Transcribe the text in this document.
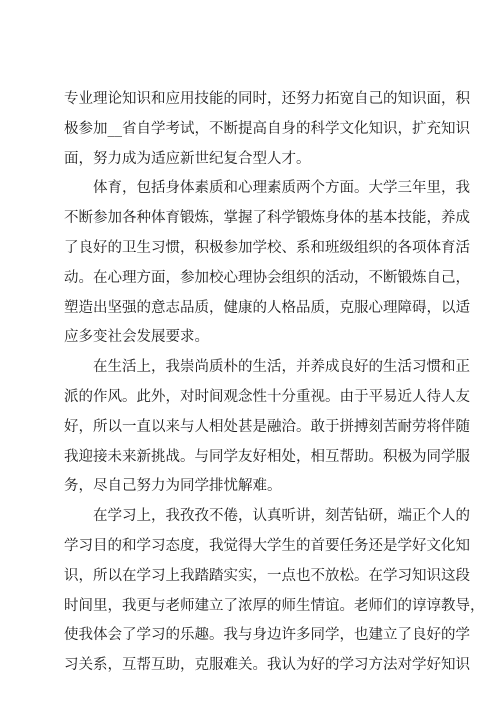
专业理论知识和应用技能的同时，还努力拓宽自己的知识面，积
极参加__省自学考试，不断提高自身的科学文化知识，扩充知识
面，努力成为适应新世纪复合型人才。
体育，包括身体素质和心理素质两个方面。大学三年里，我
不断参加各种体育锻炼，掌握了科学锻炼身体的基本技能，养成
了良好的卫生习惯，积极参加学校、系和班级组织的各项体育活
动。在心理方面，参加校心理协会组织的活动，不断锻炼自己，
塑造出坚强的意志品质，健康的人格品质，克服心理障碍，以适
应多变社会发展要求。
在生活上，我崇尚质朴的生活，并养成良好的生活习惯和正
派的作风。此外，对时间观念性十分重视。由于平易近人待人友
好，所以一直以来与人相处甚是融洽。敢于拼搏刻苦耐劳将伴随
我迎接未来新挑战。与同学友好相处，相互帮助。积极为同学服
务，尽自己努力为同学排忧解难。
在学习上，我孜孜不倦，认真听讲，刻苦钻研，端正个人的
学习目的和学习态度，我觉得大学生的首要任务还是学好文化知
识，所以在学习上我踏踏实实，一点也不放松。在学习知识这段
时间里，我更与老师建立了浓厚的师生情谊。老师们的谆谆教导，
使我体会了学习的乐趣。我与身边许多同学，也建立了良好的学
习关系，互帮互助，克服难关。我认为好的学习方法对学好知识
